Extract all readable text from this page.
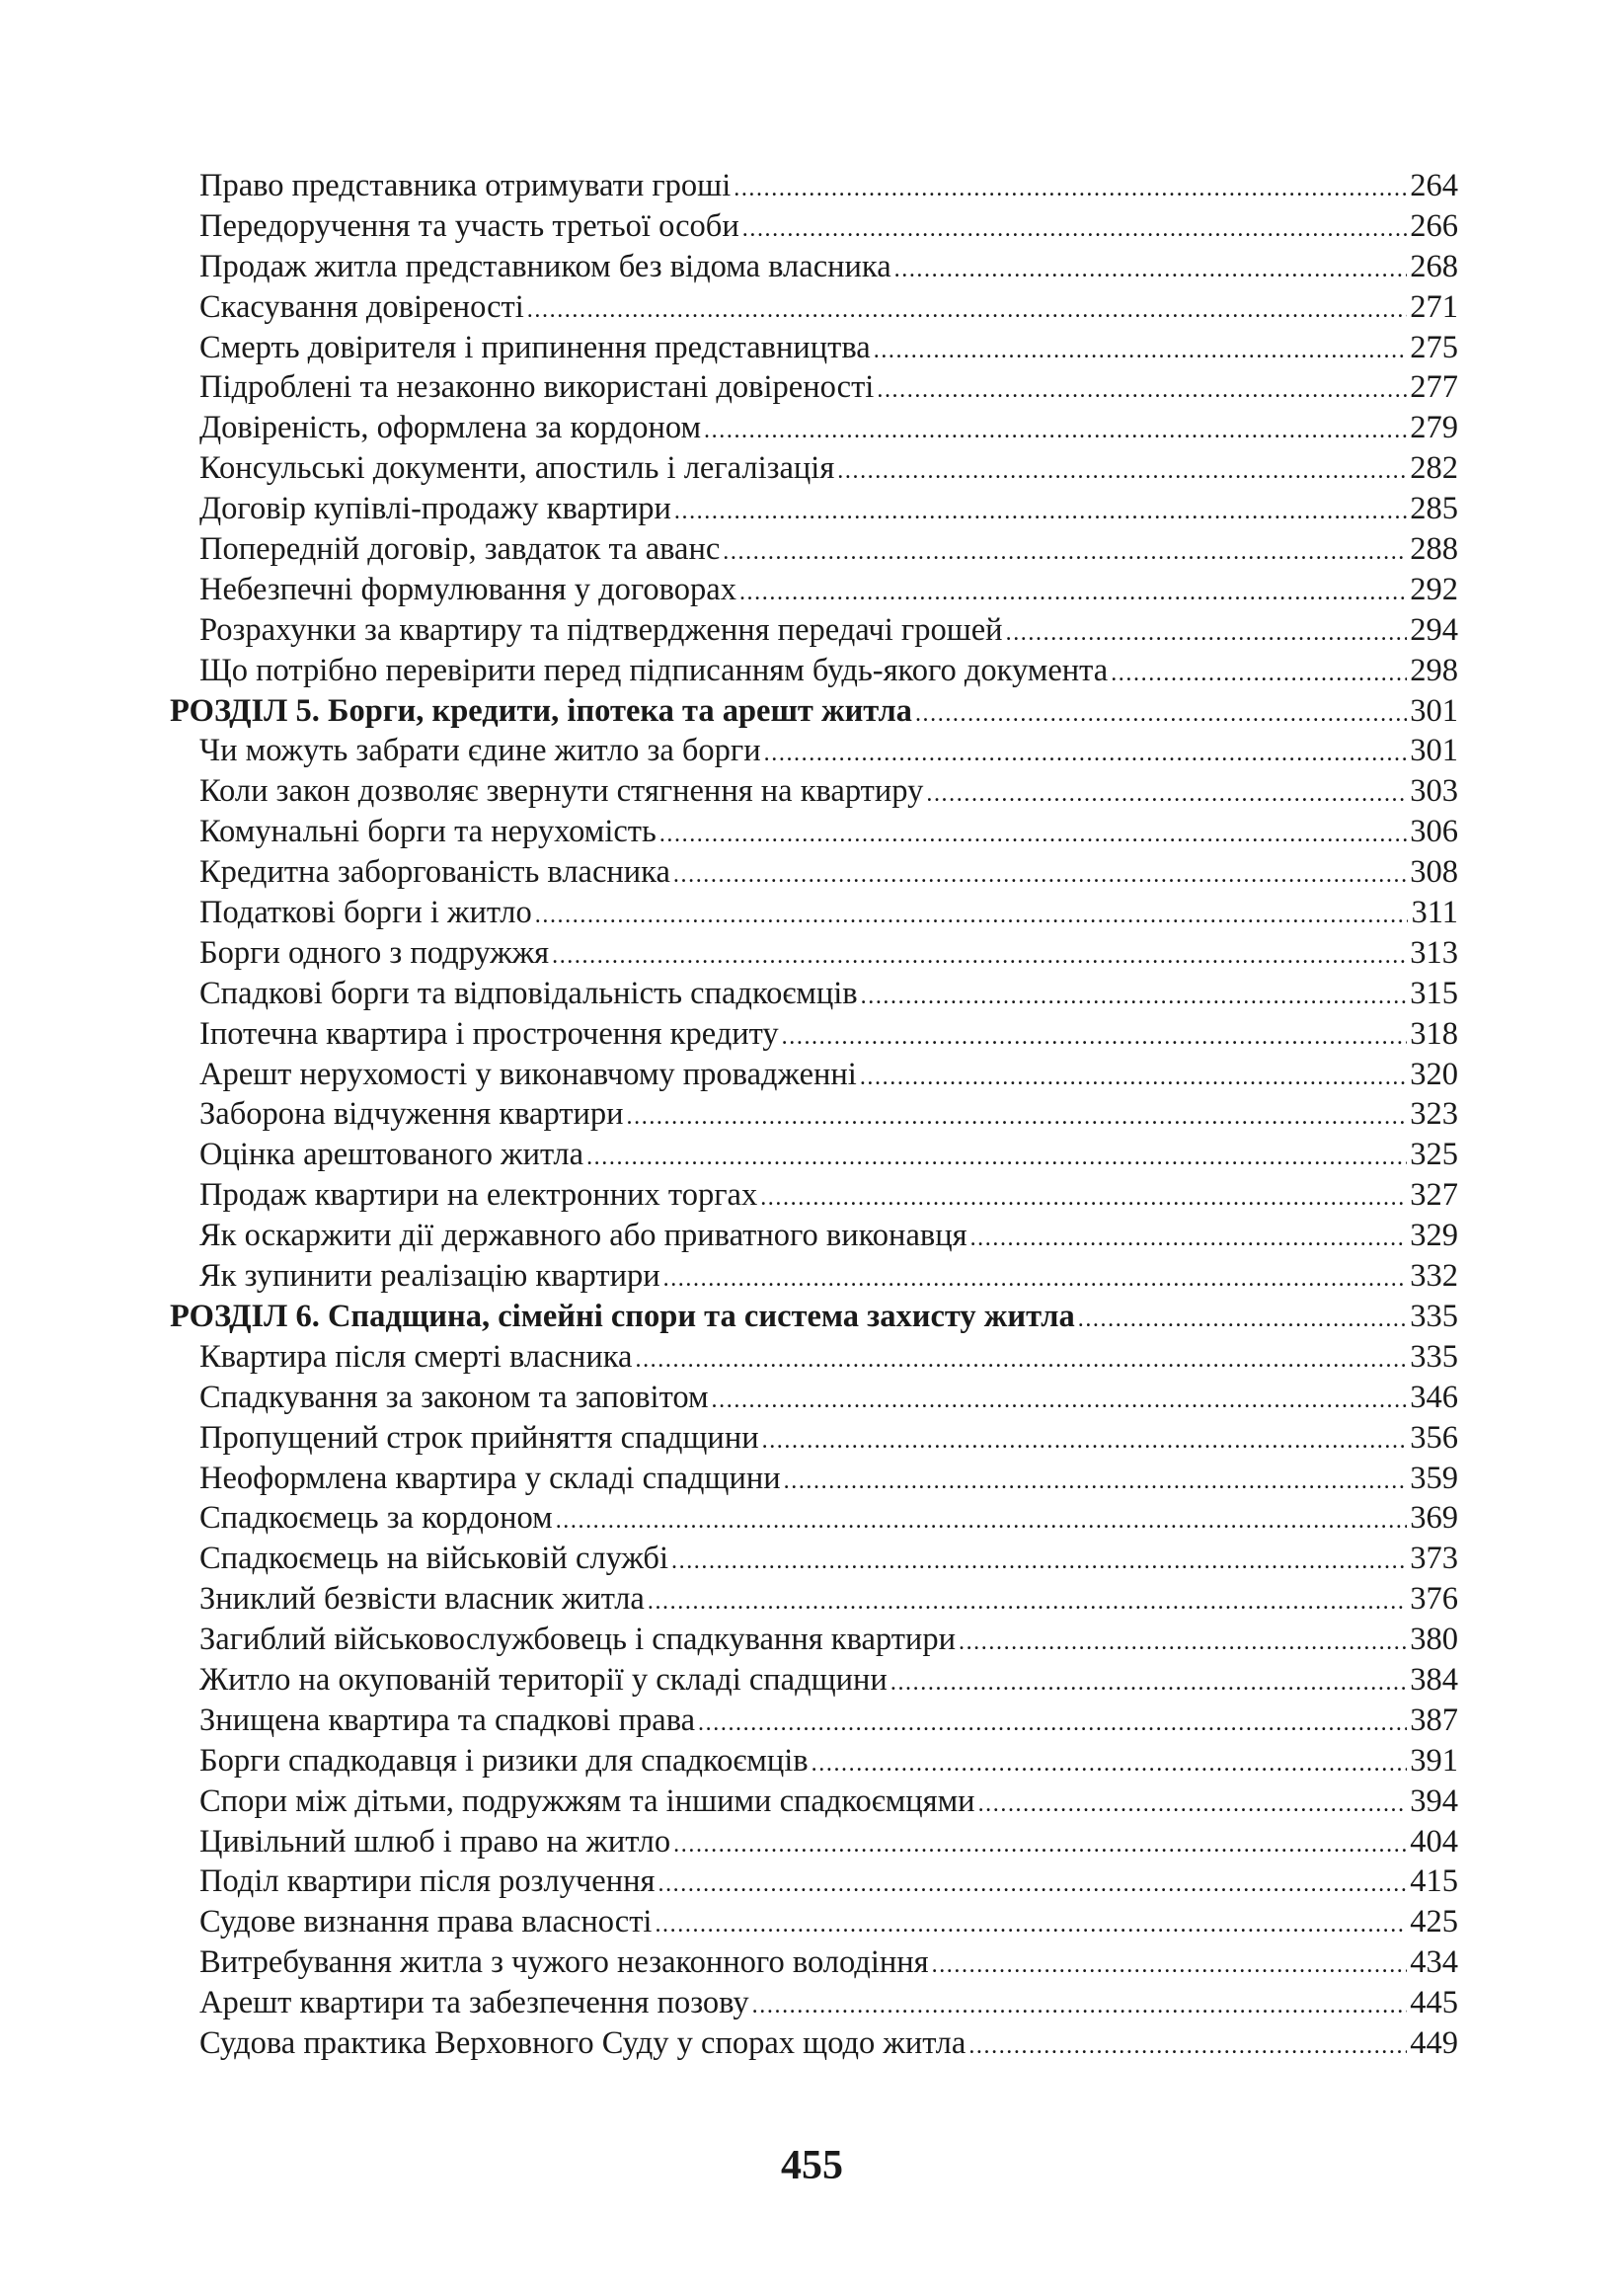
Право представника отримувати гроші .....	264
Передоручення та участь третьої особи .....	266
Продаж житла представником без відома власника .....	268
Скасування довіреності .....	271
Смерть довірителя і припинення представництва .....	275
Підроблені та незаконно використані довіреності .....	277
Довіреність, оформлена за кордоном .....	279
Консульські документи, апостиль і легалізація .....	282
Договір купівлі-продажу квартири .....	285
Попередній договір, завдаток та аванс .....	288
Небезпечні формулювання у договорах .....	292
Розрахунки за квартиру та підтвердження передачі грошей .....	294
Що потрібно перевірити перед підписанням будь-якого документа .....	298
РОЗДІЛ 5. Борги, кредити, іпотека та арешт житла .....	301
Чи можуть забрати єдине житло за борги .....	301
Коли закон дозволяє звернути стягнення на квартиру .....	303
Комунальні борги та нерухомість .....	306
Кредитна заборгованість власника .....	308
Податкові борги і житло .....	311
Борги одного з подружжя .....	313
Спадкові борги та відповідальність спадкоємців .....	315
Іпотечна квартира і прострочення кредиту .....	318
Арешт нерухомості у виконавчому провадженні .....	320
Заборона відчуження квартири .....	323
Оцінка арештованого житла .....	325
Продаж квартири на електронних торгах .....	327
Як оскаржити дії державного або приватного виконавця .....	329
Як зупинити реалізацію квартири .....	332
РОЗДІЛ 6. Спадщина, сімейні спори та система захисту житла .....	335
Квартира після смерті власника .....	335
Спадкування за законом та заповітом .....	346
Пропущений строк прийняття спадщини .....	356
Неоформлена квартира у складі спадщини .....	359
Спадкоємець за кордоном .....	369
Спадкоємець на військовій службі .....	373
Зниклий безвісти власник житла .....	376
Загиблий військовослужбовець і спадкування квартири .....	380
Житло на окупованій території у складі спадщини .....	384
Знищена квартира та спадкові права .....	387
Борги спадкодавця і ризики для спадкоємців .....	391
Спори між дітьми, подружжям та іншими спадкоємцями .....	394
Цивільний шлюб і право на житло .....	404
Поділ квартири після розлучення .....	415
Судове визнання права власності .....	425
Витребування житла з чужого незаконного володіння .....	434
Арешт квартири та забезпечення позову .....	445
Судова практика Верховного Суду у спорах щодо житла .....	449
455
